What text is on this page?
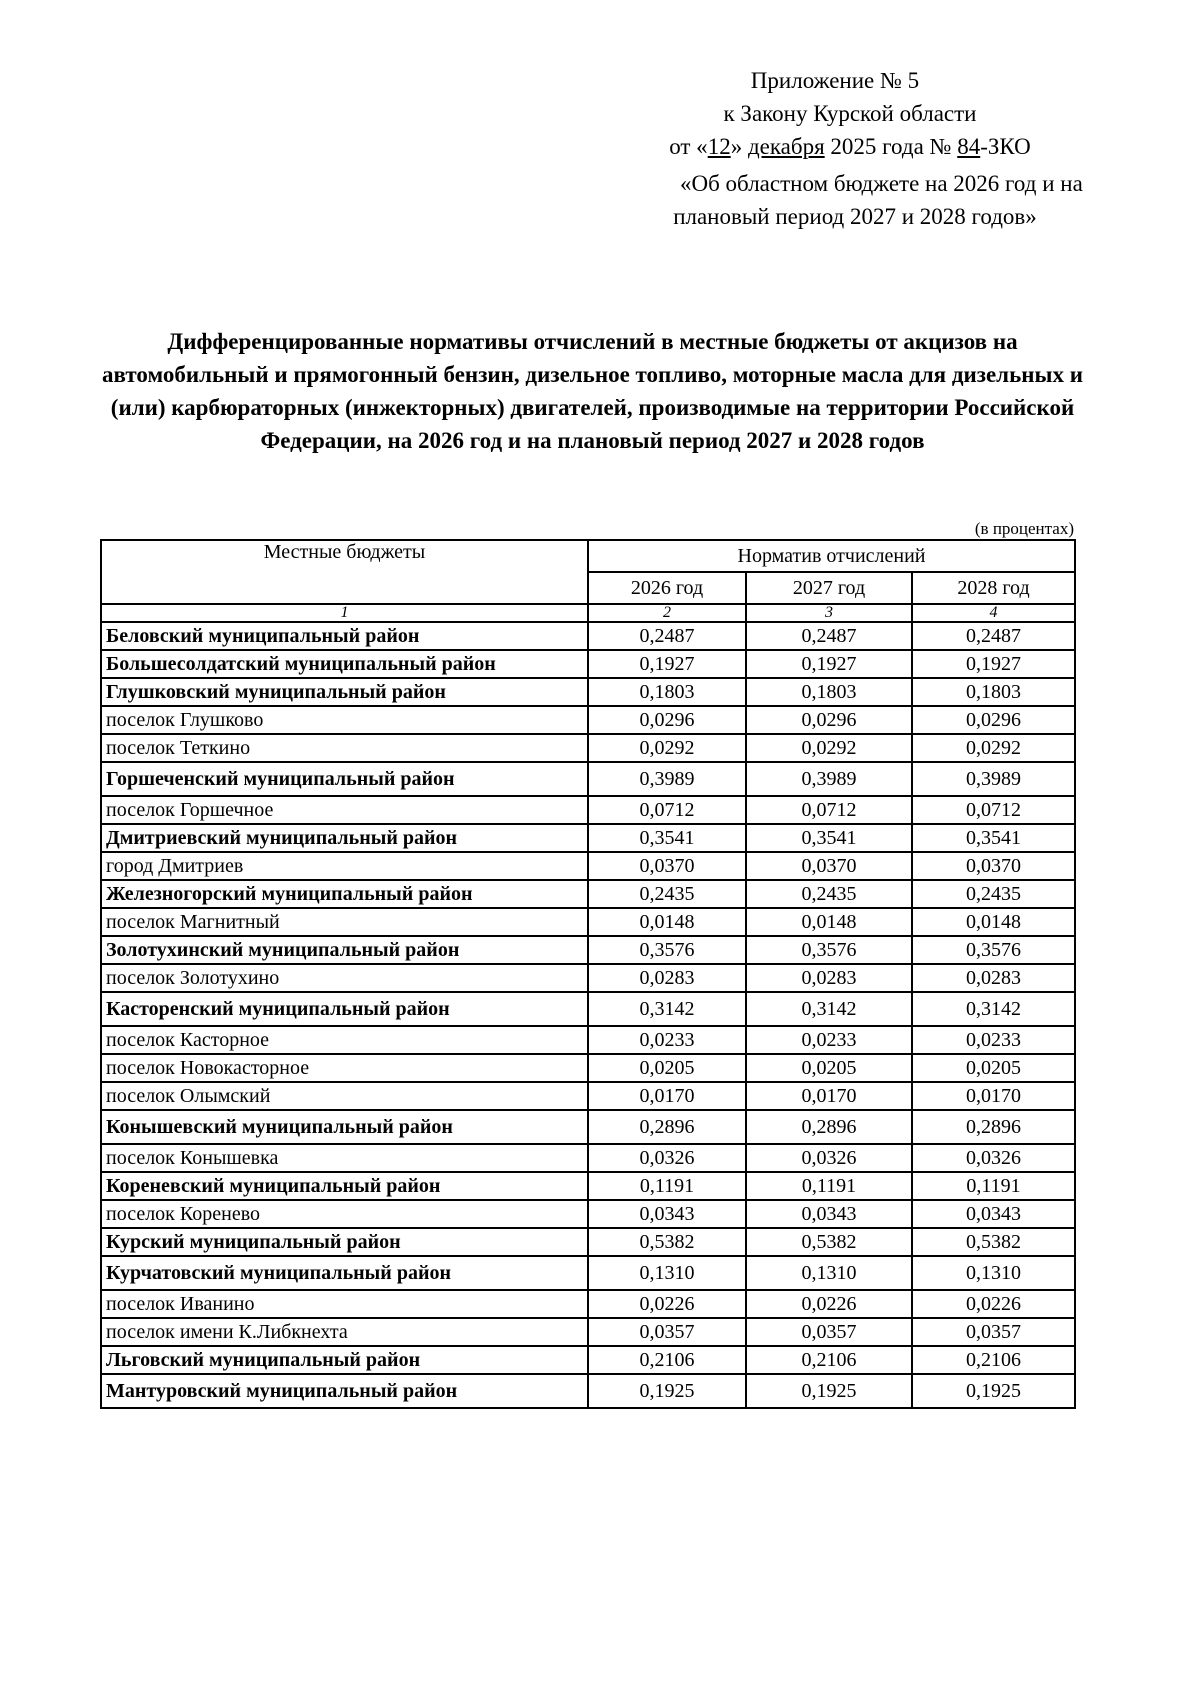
Приложение № 5
к Закону Курской области
от «12» декабря 2025 года № 84-ЗКО
«Об областном бюджете на 2026 год и на
плановый период 2027 и 2028 годов»
Дифференцированные нормативы отчислений в местные бюджеты от акцизов на автомобильный и прямогонный бензин, дизельное топливо, моторные масла для дизельных и (или) карбюраторных (инжекторных) двигателей, производимые на территории Российской Федерации, на 2026 год и на плановый период 2027 и 2028 годов
(в процентах)
Местные бюджеты	Норматив отчислений		
	2026 год	2027 год	2028 год
1	2	3	4
Беловский муниципальный район	0,2487	0,2487	0,2487
Большесолдатский муниципальный район	0,1927	0,1927	0,1927
Глушковский муниципальный район	0,1803	0,1803	0,1803
поселок Глушково	0,0296	0,0296	0,0296
поселок Теткино	0,0292	0,0292	0,0292
Горшеченский муниципальный район	0,3989	0,3989	0,3989
поселок Горшечное	0,0712	0,0712	0,0712
Дмитриевский муниципальный район	0,3541	0,3541	0,3541
город Дмитриев	0,0370	0,0370	0,0370
Железногорский муниципальный район	0,2435	0,2435	0,2435
поселок Магнитный	0,0148	0,0148	0,0148
Золотухинский муниципальный район	0,3576	0,3576	0,3576
поселок Золотухино	0,0283	0,0283	0,0283
Касторенский муниципальный район	0,3142	0,3142	0,3142
поселок Касторное	0,0233	0,0233	0,0233
поселок Новокасторное	0,0205	0,0205	0,0205
поселок Олымский	0,0170	0,0170	0,0170
Конышевский муниципальный район	0,2896	0,2896	0,2896
поселок Конышевка	0,0326	0,0326	0,0326
Кореневский муниципальный район	0,1191	0,1191	0,1191
поселок Коренево	0,0343	0,0343	0,0343
Курский муниципальный район	0,5382	0,5382	0,5382
Курчатовский муниципальный район	0,1310	0,1310	0,1310
поселок Иванино	0,0226	0,0226	0,0226
поселок имени К.Либкнехта	0,0357	0,0357	0,0357
Льговский муниципальный район	0,2106	0,2106	0,2106
Мантуровский муниципальный район	0,1925	0,1925	0,1925
